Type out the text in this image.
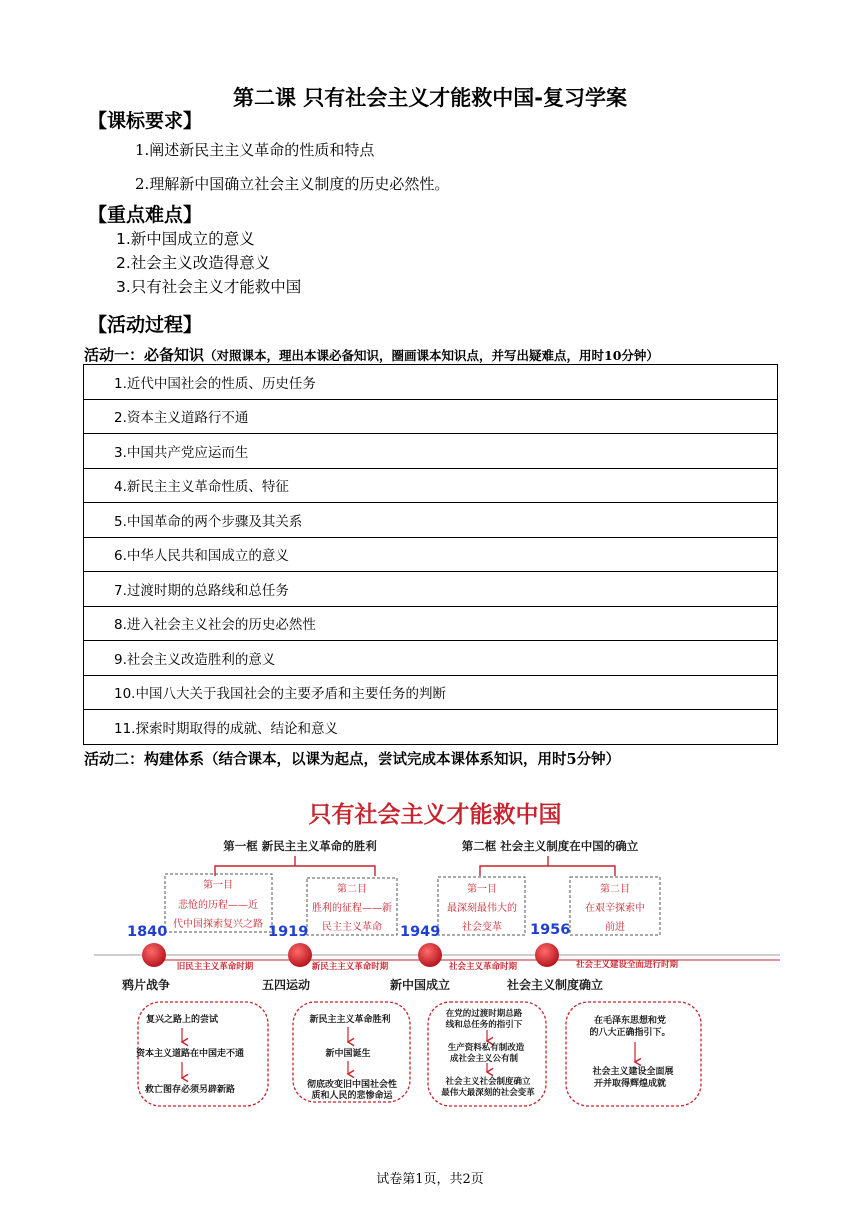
第二课 只有社会主义才能救中国-复习学案
【课标要求】
1.阐述新民主主义革命的性质和特点
2.理解新中国确立社会主义制度的历史必然性。
【重点难点】
1.新中国成立的意义
2.社会主义改造得意义
3.只有社会主义才能救中国
【活动过程】
活动一：必备知识（对照课本，理出本课必备知识，圈画课本知识点，并写出疑难点，用时10分钟）
1.近代中国社会的性质、历史任务
2.资本主义道路行不通
3.中国共产党应运而生
4.新民主主义革命性质、特征
5.中国革命的两个步骤及其关系
6.中华人民共和国成立的意义
7.过渡时期的总路线和总任务
8.进入社会主义社会的历史必然性
9.社会主义改造胜利的意义
10.中国八大关于我国社会的主要矛盾和主要任务的判断
11.探索时期取得的成就、结论和意义
活动二：构建体系（结合课本，以课为起点，尝试完成本课体系知识，用时5分钟）
只有社会主义才能救中国
第一框 新民主主义革命的胜利	第二框 社会主义制度在中国的确立
第一目
悲怆的历程——近
代中国探索复兴之路
第二目
胜利的征程——新
民主主义革命
第一目
最深刻最伟大的
社会变革
第二目
在艰辛探索中
前进
1840	1919	1949	1956
旧民主主义革命时期	新民主主义革命时期	社会主义革命时期	社会主义建设全面进行时期
鸦片战争	五四运动	新中国成立	社会主义制度确立
复兴之路上的尝试
资本主义道路在中国走不通
救亡图存必须另辟新路
新民主主义革命胜利
新中国诞生
彻底改变旧中国社会性
质和人民的悲惨命运
在党的过渡时期总路
线和总任务的指引下
生产资料私有制改造
成社会主义公有制
社会主义社会制度确立
最伟大最深刻的社会变革
在毛泽东思想和党
的八大正确指引下。
社会主义建设全面展
开并取得辉煌成就
试卷第1页，共2页
